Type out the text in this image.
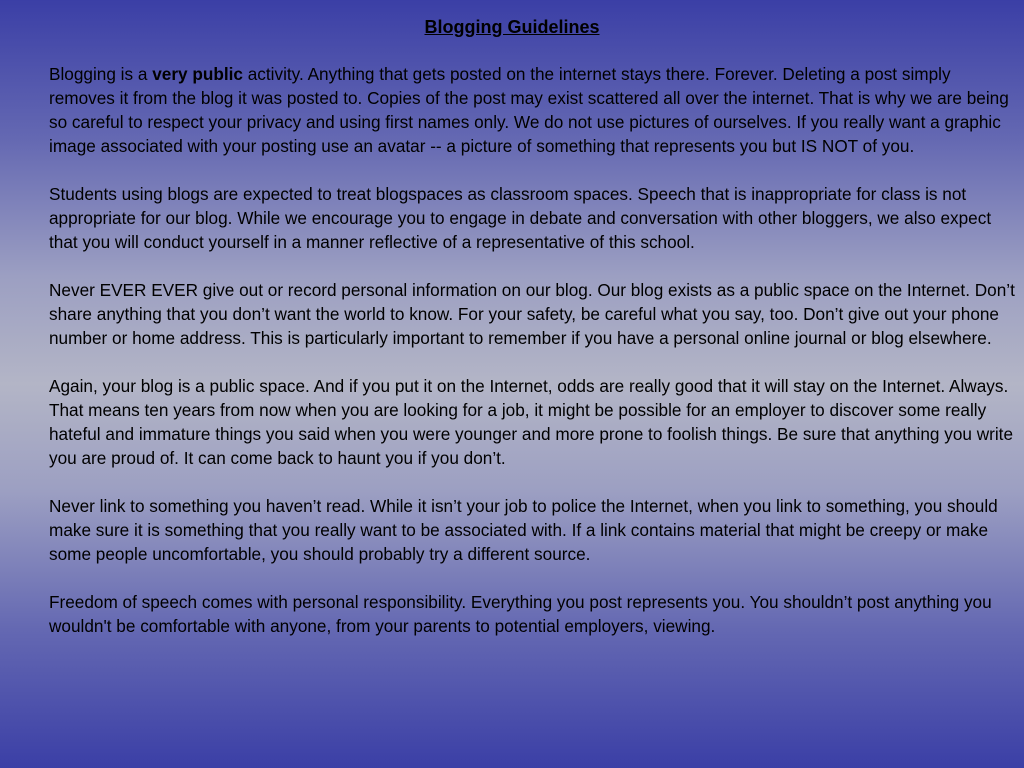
Blogging Guidelines

Blogging is a very public activity. Anything that gets posted on the internet stays there. Forever. Deleting a post simply removes it from the blog it was posted to. Copies of the post may exist scattered all over the internet. That is why we are being so careful to respect your privacy and using first names only. We do not use pictures of ourselves. If you really want a graphic image associated with your posting use an avatar -- a picture of something that represents you but IS NOT of you.

Students using blogs are expected to treat blogspaces as classroom spaces. Speech that is inappropriate for class is not appropriate for our blog. While we encourage you to engage in debate and conversation with other bloggers, we also expect that you will conduct yourself in a manner reflective of a representative of this school.

Never EVER EVER give out or record personal information on our blog. Our blog exists as a public space on the Internet. Don’t share anything that you don’t want the world to know. For your safety, be careful what you say, too. Don’t give out your phone number or home address. This is particularly important to remember if you have a personal online journal or blog elsewhere.

Again, your blog is a public space. And if you put it on the Internet, odds are really good that it will stay on the Internet. Always. That means ten years from now when you are looking for a job, it might be possible for an employer to discover some really hateful and immature things you said when you were younger and more prone to foolish things. Be sure that anything you write you are proud of. It can come back to haunt you if you don’t.

Never link to something you haven’t read. While it isn’t your job to police the Internet, when you link to something, you should make sure it is something that you really want to be associated with. If a link contains material that might be creepy or make some people uncomfortable, you should probably try a different source.

Freedom of speech comes with personal responsibility. Everything you post represents you. You shouldn’t post anything you wouldn't be comfortable with anyone, from your parents to potential employers, viewing.
